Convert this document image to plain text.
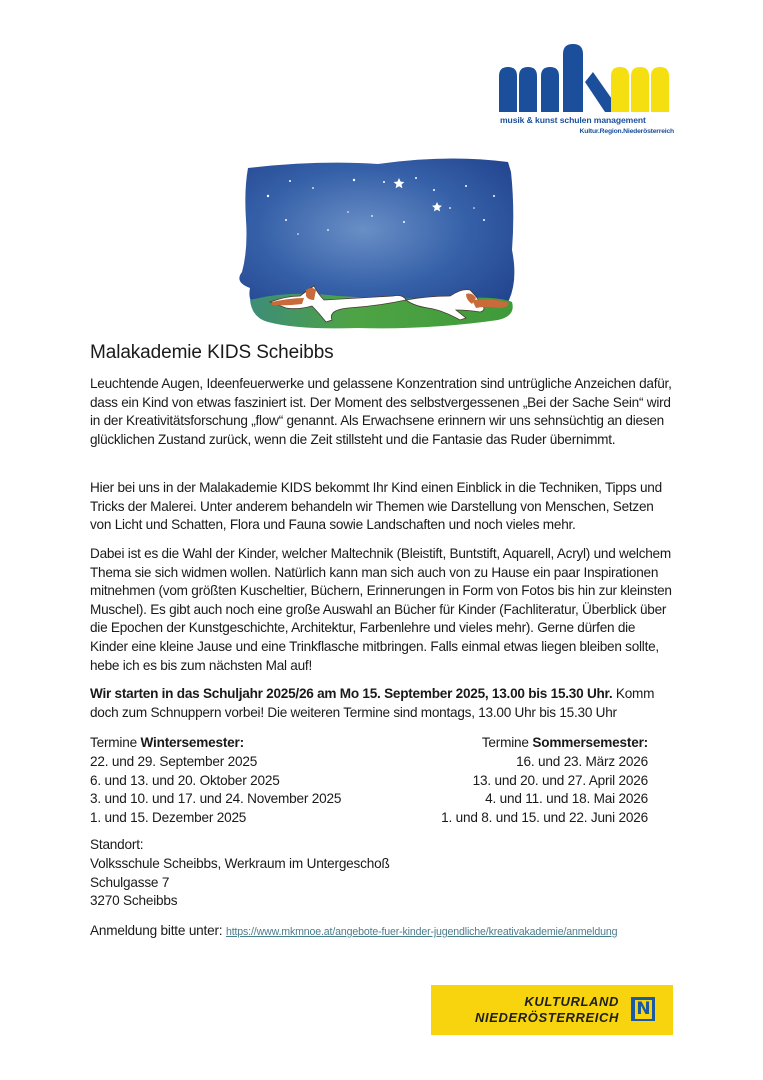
musik & kunst schulen management
Kultur.Region.Niederösterreich
Malakademie KIDS Scheibbs
Leuchtende Augen, Ideenfeuerwerke und gelassene Konzentration sind untrügliche Anzeichen dafür, dass ein Kind von etwas fasziniert ist. Der Moment des selbstvergessenen „Bei der Sache Sein“ wird in der Kreativitätsforschung „flow“ genannt. Als Erwachsene erinnern wir uns sehnsüchtig an diesen glücklichen Zustand zurück, wenn die Zeit stillsteht und die Fantasie das Ruder übernimmt.
Hier bei uns in der Malakademie KIDS bekommt Ihr Kind einen Einblick in die Techniken, Tipps und Tricks der Malerei. Unter anderem behandeln wir Themen wie Darstellung von Menschen, Setzen von Licht und Schatten, Flora und Fauna sowie Landschaften und noch vieles mehr.
Dabei ist es die Wahl der Kinder, welcher Maltechnik (Bleistift, Buntstift, Aquarell, Acryl) und welchem Thema sie sich widmen wollen. Natürlich kann man sich auch von zu Hause ein paar Inspirationen mitnehmen (vom größten Kuscheltier, Büchern, Erinnerungen in Form von Fotos bis hin zur kleinsten Muschel). Es gibt auch noch eine große Auswahl an Bücher für Kinder (Fachliteratur, Überblick über die Epochen der Kunstgeschichte, Architektur, Farbenlehre und vieles mehr). Gerne dürfen die Kinder eine kleine Jause und eine Trinkflasche mitbringen. Falls einmal etwas liegen bleiben sollte, hebe ich es bis zum nächsten Mal auf!
Wir starten in das Schuljahr 2025/26 am Mo 15. September 2025, 13.00 bis 15.30 Uhr. Komm doch zum Schnuppern vorbei! Die weiteren Termine sind montags, 13.00 Uhr bis 15.30 Uhr
Termine Wintersemester:
22. und 29. September 2025
6. und 13. und 20. Oktober 2025
3. und 10. und 17. und 24. November 2025
1. und 15. Dezember 2025
Termine Sommersemester:
16. und 23. März 2026
13. und 20. und 27. April 2026
4. und 11. und 18. Mai 2026
1. und 8. und 15. und 22. Juni 2026
Standort:
Volksschule Scheibbs, Werkraum im Untergeschoß
Schulgasse 7
3270 Scheibbs
Anmeldung bitte unter: https://www.mkmnoe.at/angebote-fuer-kinder-jugendliche/kreativakademie/anmeldung
KULTURLAND
NIEDERÖSTERREICH N
